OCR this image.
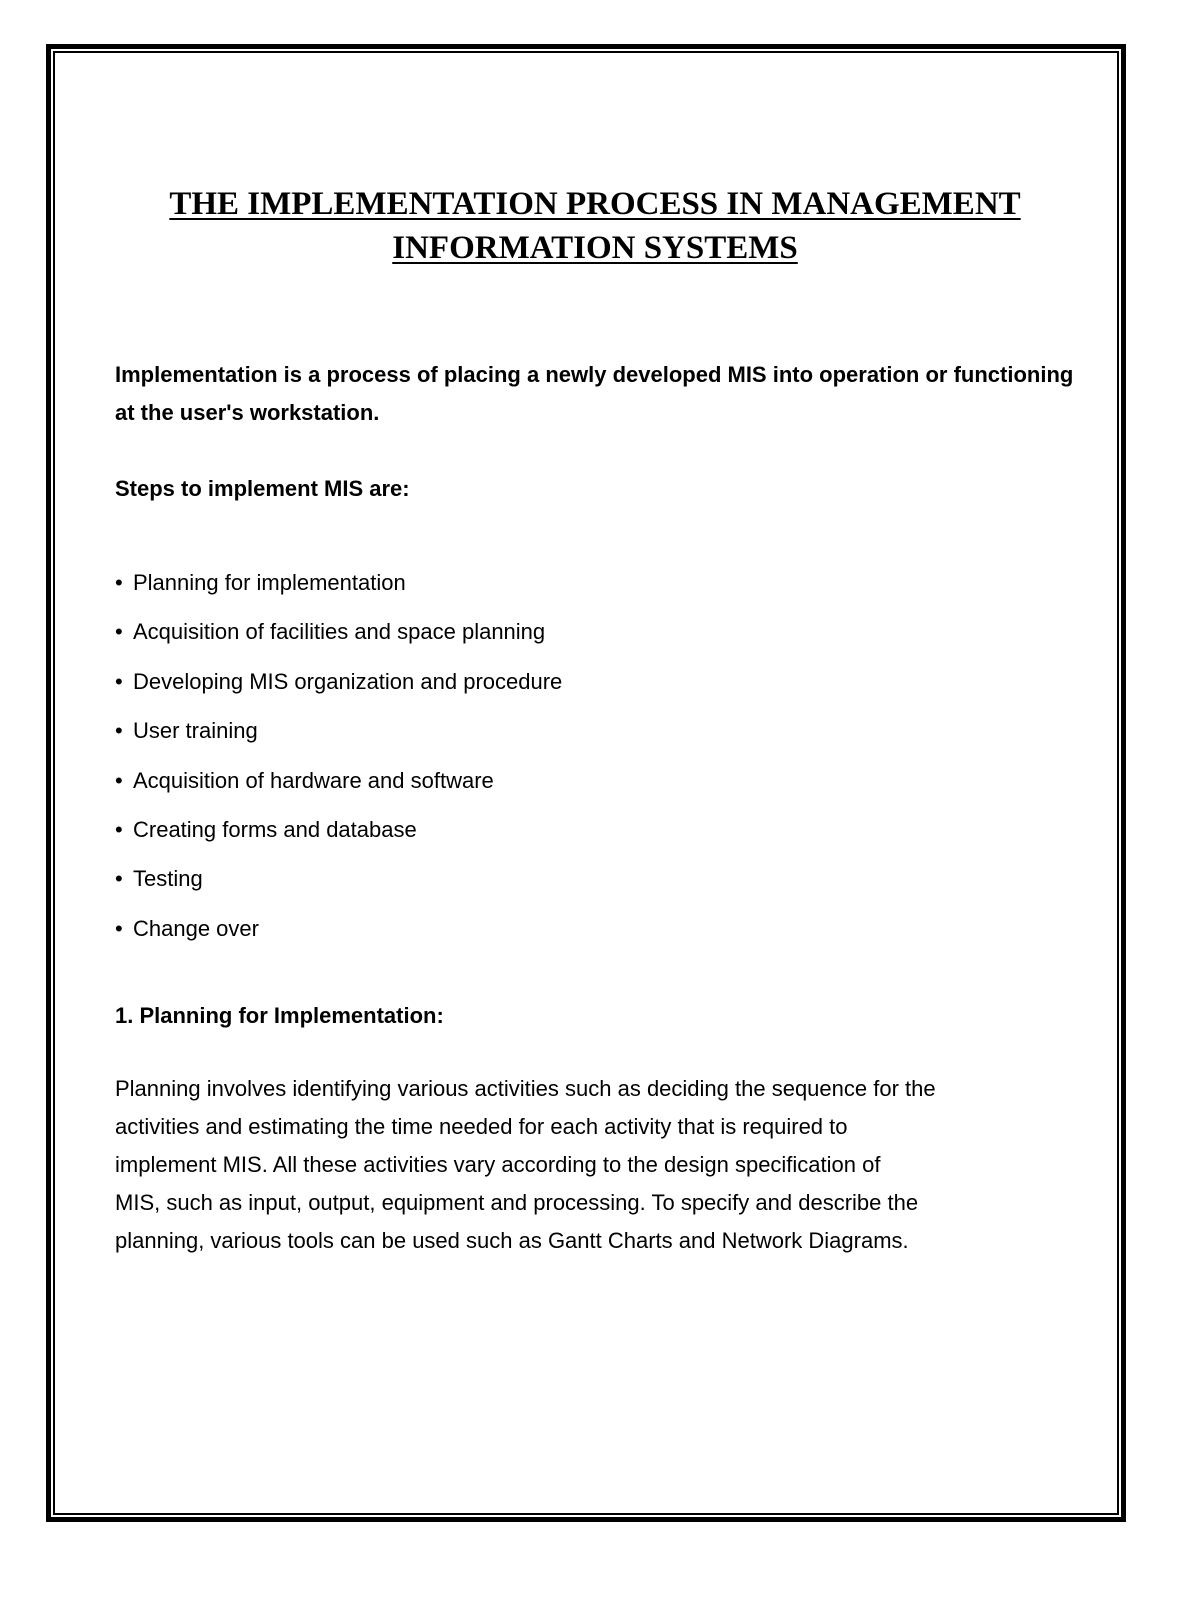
THE IMPLEMENTATION PROCESS IN MANAGEMENT
INFORMATION SYSTEMS

Implementation is a process of placing a newly developed MIS into operation or functioning at the user's workstation.

Steps to implement MIS are:

• Planning for implementation
• Acquisition of facilities and space planning
• Developing MIS organization and procedure
• User training
• Acquisition of hardware and software
• Creating forms and database
• Testing
• Change over

1. Planning for Implementation:

Planning involves identifying various activities such as deciding the sequence for the
activities and estimating the time needed for each activity that is required to
implement MIS. All these activities vary according to the design specification of
MIS, such as input, output, equipment and processing. To specify and describe the
planning, various tools can be used such as Gantt Charts and Network Diagrams.
